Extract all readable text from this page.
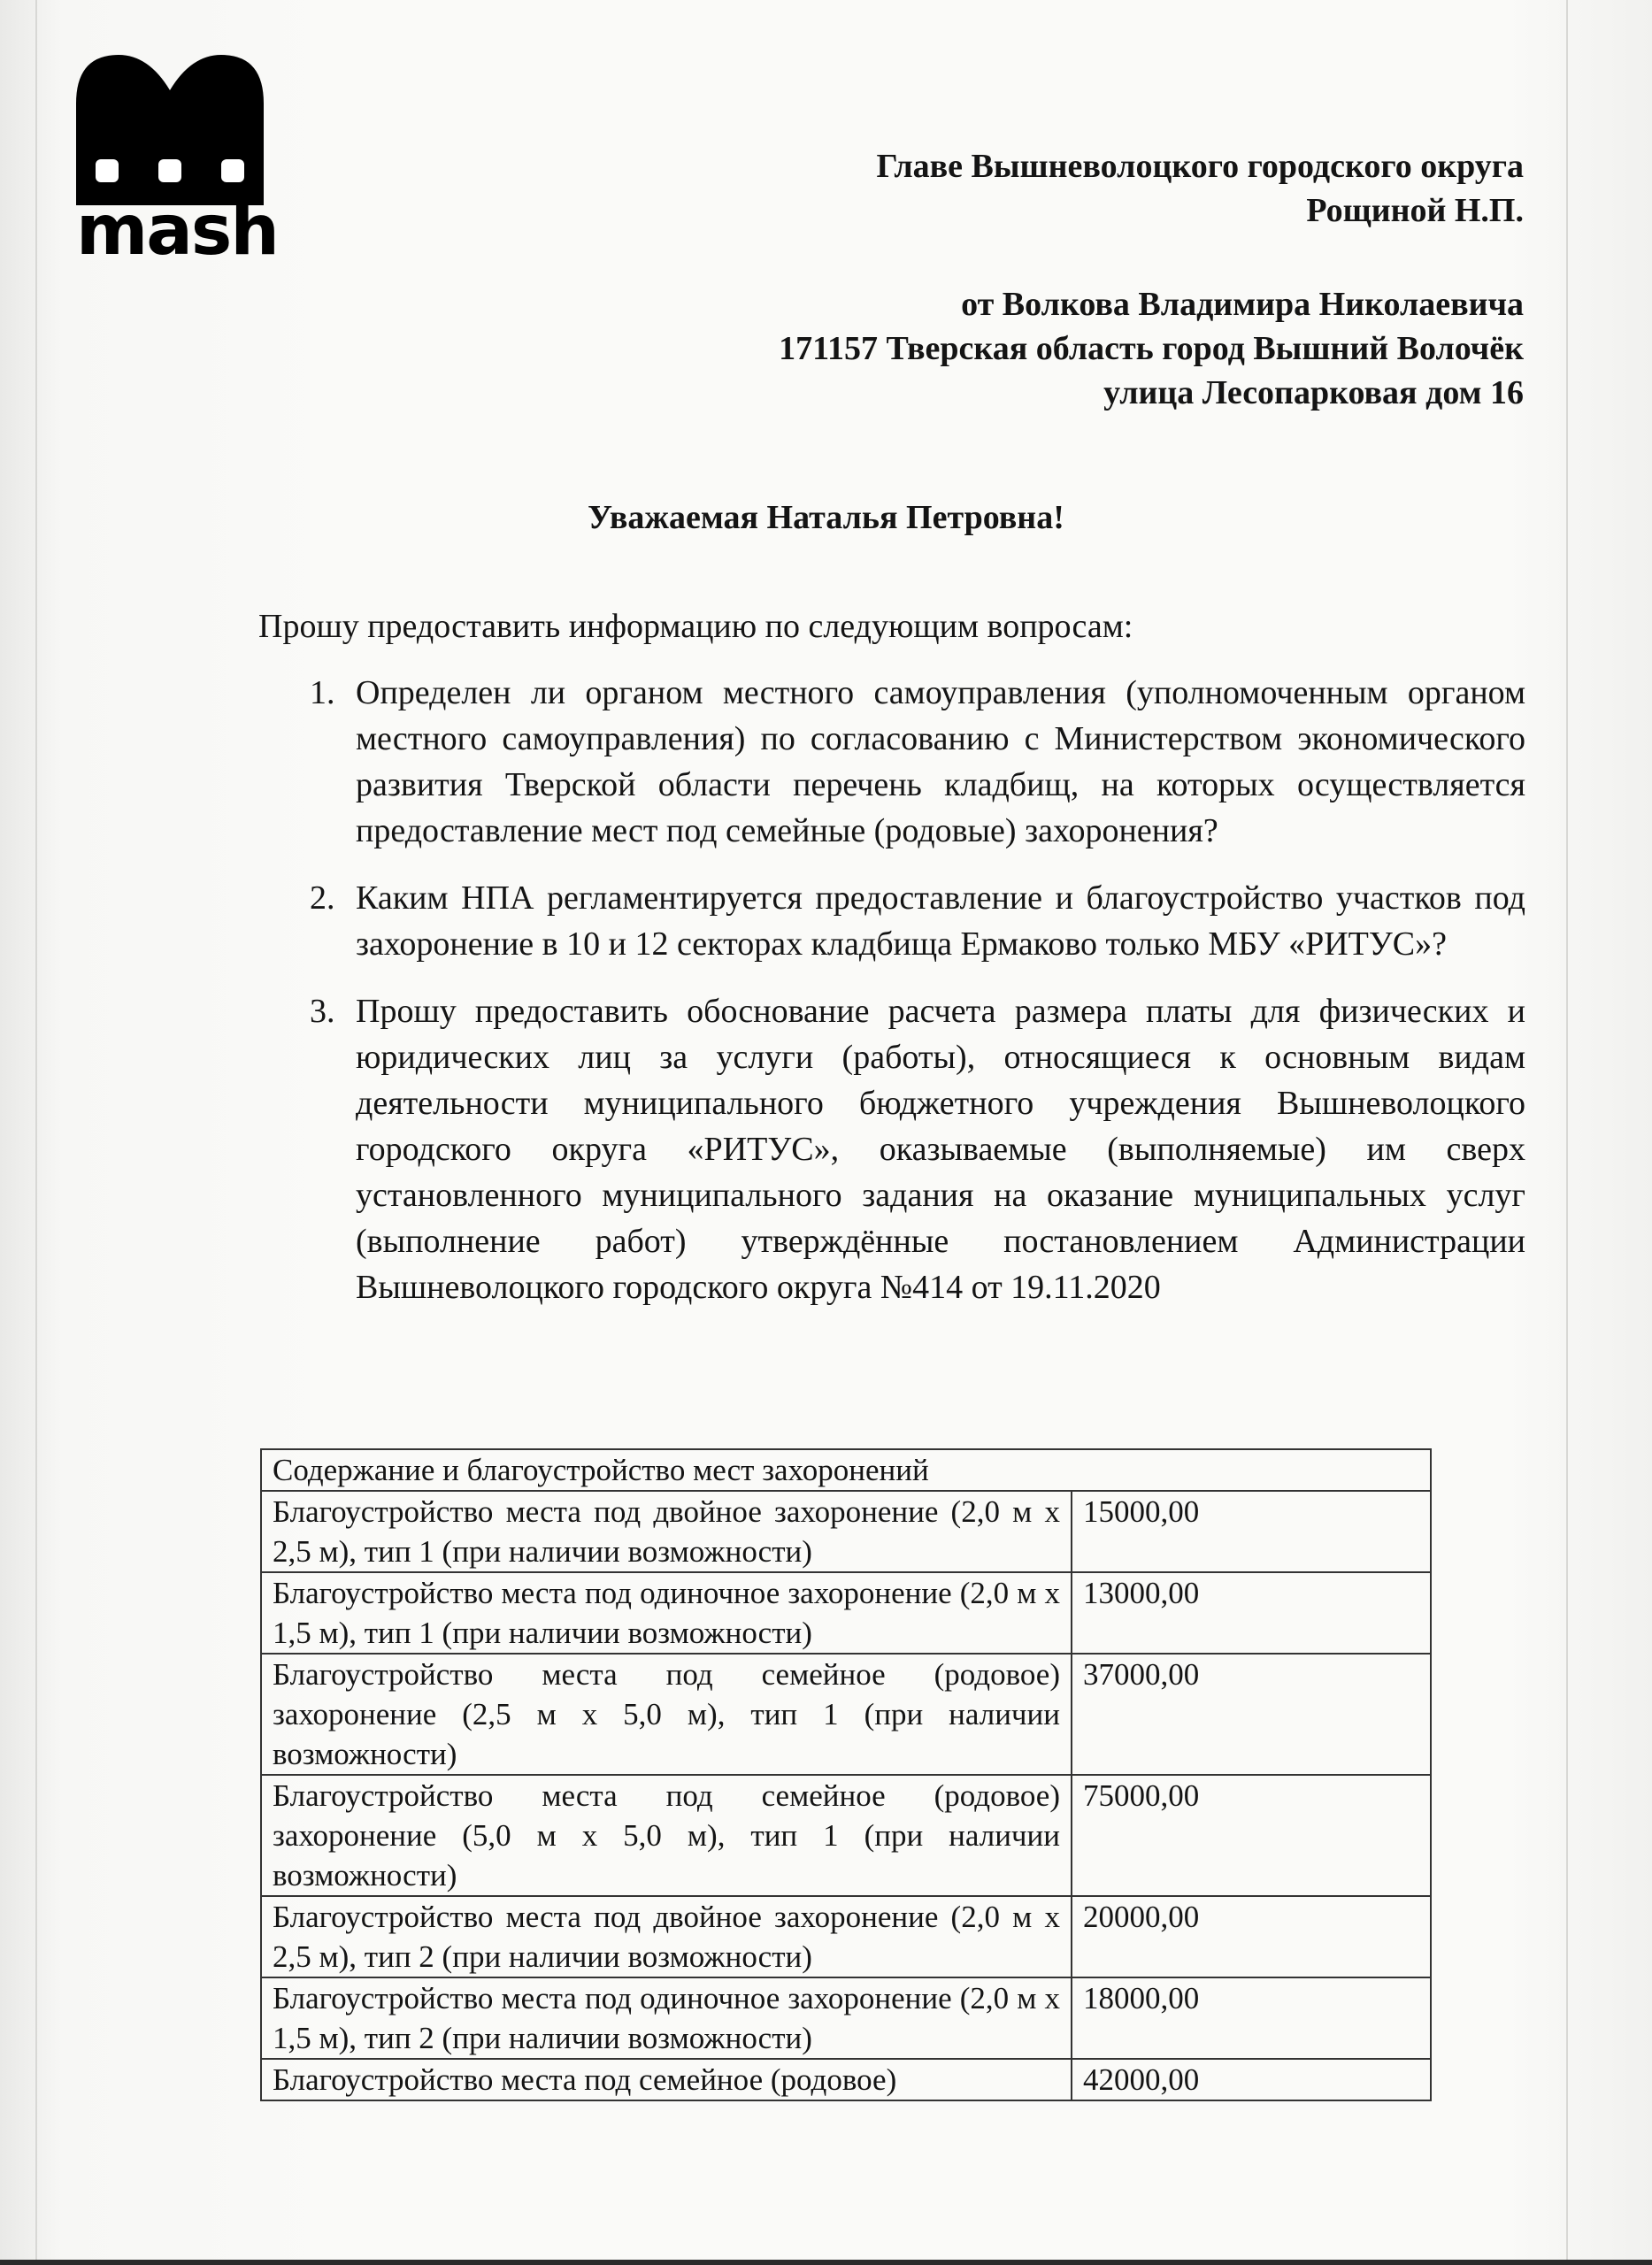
mash
Главе Вышневолоцкого городского округа
Рощиной Н.П.
от Волкова Владимира Николаевича
171157 Тверская область город Вышний Волочёк
улица Лесопарковая дом 16
Уважаемая Наталья Петровна!
Прошу предоставить информацию по следующим вопросам:
1. Определен ли органом местного самоуправления (уполномоченным органом местного самоуправления) по согласованию с Министерством экономического развития Тверской области перечень кладбищ, на которых осуществляется предоставление мест под семейные (родовые) захоронения?
2. Каким НПА регламентируется предоставление и благоустройство участков под захоронение в 10 и 12 секторах кладбища Ермаково только МБУ «РИТУС»?
3. Прошу предоставить обоснование расчета размера платы для физических и юридических лиц за услуги (работы), относящиеся к основным видам деятельности муниципального бюджетного учреждения Вышневолоцкого городского округа «РИТУС», оказываемые (выполняемые) им сверх установленного муниципального задания на оказание муниципальных услуг (выполнение работ) утверждённые постановлением Администрации Вышневолоцкого городского округа №414 от 19.11.2020
Содержание и благоустройство мест захоронений	
Благоустройство места под двойное захоронение (2,0 м х 2,5 м), тип 1 (при наличии возможности)	15000,00
Благоустройство места под одиночное захоронение (2,0 м х 1,5 м), тип 1 (при наличии возможности)	13000,00
Благоустройство места под семейное (родовое) захоронение (2,5 м х 5,0 м), тип 1 (при наличии возможности)	37000,00
Благоустройство места под семейное (родовое) захоронение (5,0 м х 5,0 м), тип 1 (при наличии возможности)	75000,00
Благоустройство места под двойное захоронение (2,0 м х 2,5 м), тип 2 (при наличии возможности)	20000,00
Благоустройство места под одиночное захоронение (2,0 м х 1,5 м), тип 2 (при наличии возможности)	18000,00
Благоустройство места под семейное (родовое)	42000,00
